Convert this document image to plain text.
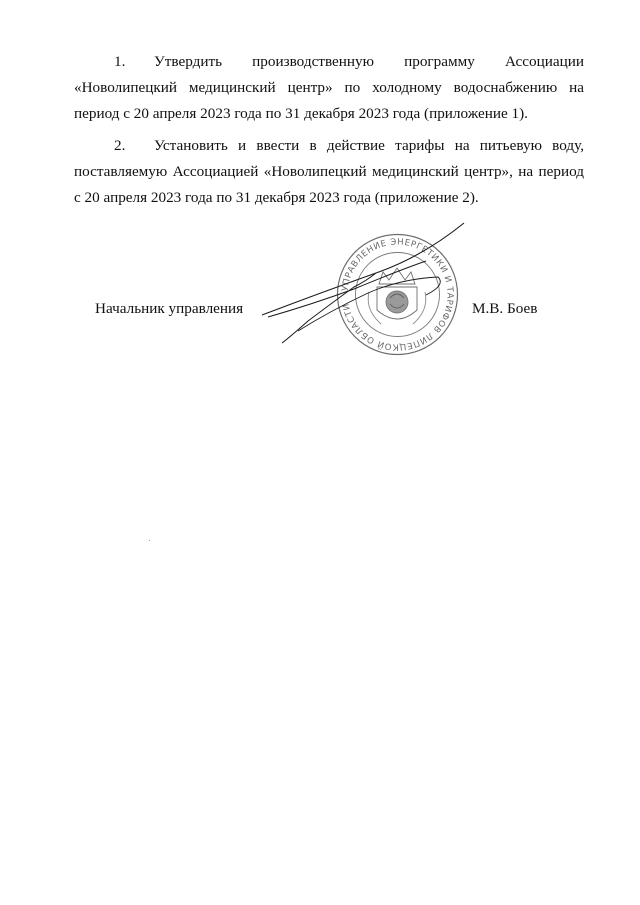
1. Утвердить производственную программу Ассоциации «Новолипецкий медицинский центр» по холодному водоснабжению на период с 20 апреля 2023 года по 31 декабря 2023 года (приложение 1).

2. Установить и ввести в действие тарифы на питьевую воду, поставляемую Ассоциацией «Новолипецкий медицинский центр», на период с 20 апреля 2023 года по 31 декабря 2023 года (приложение 2).

УПРАВЛЕНИЕ ЭНЕРГЕТИКИ И ТАРИФОВ ЛИПЕЦКОЙ ОБЛАСТИ
Начальник управления	М.В. Боев
